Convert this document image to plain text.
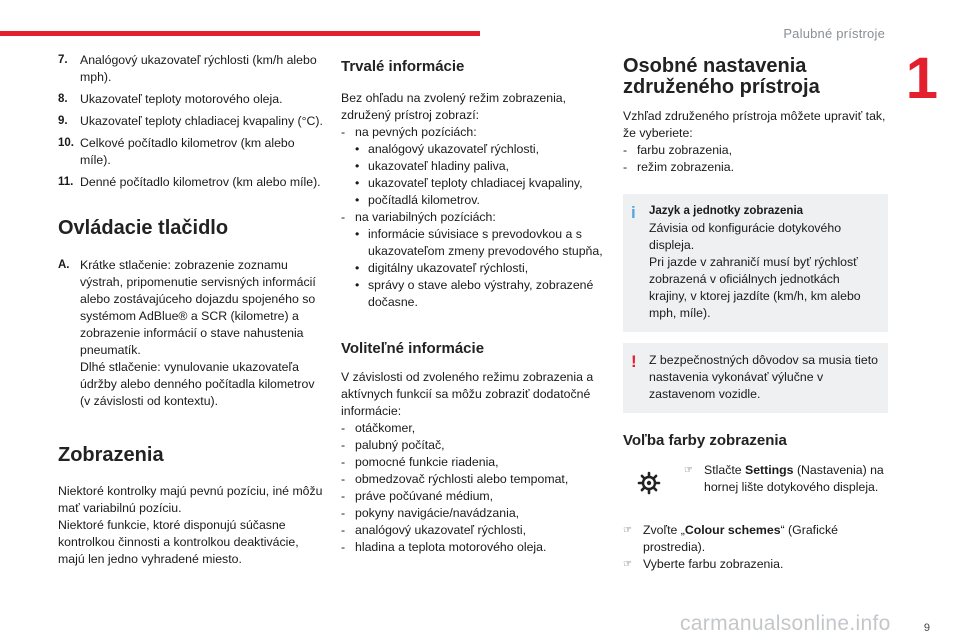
Palubné prístroje
1
7.	Analógový ukazovateľ rýchlosti (km/h alebo mph).
8.	Ukazovateľ teploty motorového oleja.
9.	Ukazovateľ teploty chladiacej kvapaliny (°C).
10. Celkové počítadlo kilometrov (km alebo míle).
11. Denné počítadlo kilometrov (km alebo míle).
Ovládacie tlačidlo
A. Krátke stlačenie: zobrazenie zoznamu výstrah, pripomenutie servisných informácií alebo zostávajúceho dojazdu spojeného so systémom AdBlue® a SCR (kilometre) a zobrazenie informácií o stave nahustenia pneumatík.
Dlhé stlačenie: vynulovanie ukazovateľa údržby alebo denného počítadla kilometrov (v závislosti od kontextu).
Zobrazenia

Niektoré kontrolky majú pevnú pozíciu, iné môžu mať variabilnú pozíciu.

Niektoré funkcie, ktoré disponujú súčasne kontrolkou činnosti a kontrolkou deaktivácie, majú len jedno vyhradené miesto.

Trvalé informácie

Bez ohľadu na zvolený režim zobrazenia, združený prístroj zobrazí:

- na pevných pozíciách:
• analógový ukazovateľ rýchlosti,
• ukazovateľ hladiny paliva,
• ukazovateľ teploty chladiacej kvapaliny,
• počítadlá kilometrov.
- na variabilných pozíciách:
• informácie súvisiace s prevodovkou a s ukazovateľom zmeny prevodového stupňa,
• digitálny ukazovateľ rýchlosti,
• správy o stave alebo výstrahy, zobrazené dočasne.
Voliteľné informácie

V závislosti od zvoleného režimu zobrazenia a aktívnych funkcií sa môžu zobraziť dodatočné informácie:

- otáčkomer,
- palubný počítač,
- pomocné funkcie riadenia,
- obmedzovač rýchlosti alebo tempomat,
- práve počúvané médium,
- pokyny navigácie/navádzania,
- analógový ukazovateľ rýchlosti,
- hladina a teplota motorového oleja.
Osobné nastavenia
združeného prístroja

Vzhľad združeného prístroja môžete upraviť tak, že vyberiete:

- farbu zobrazenia,
- režim zobrazenia.
i Jazyk a jednotky zobrazenia
Závisia od konfigurácie dotykového displeja.
Pri jazde v zahraničí musí byť rýchlosť zobrazená v oficiálnych jednotkách krajiny, v ktorej jazdíte (km/h, km alebo mph, míle).
! Z bezpečnostných dôvodov sa musia tieto nastavenia vykonávať výlučne v zastavenom vozidle.
Voľba farby zobrazenia
☞ Stlačte Settings (Nastavenia) na hornej lište dotykového displeja.
☞ Zvoľte „Colour schemes“ (Grafické prostredia).
☞ Vyberte farbu zobrazenia.
carmanualsonline.info	9
